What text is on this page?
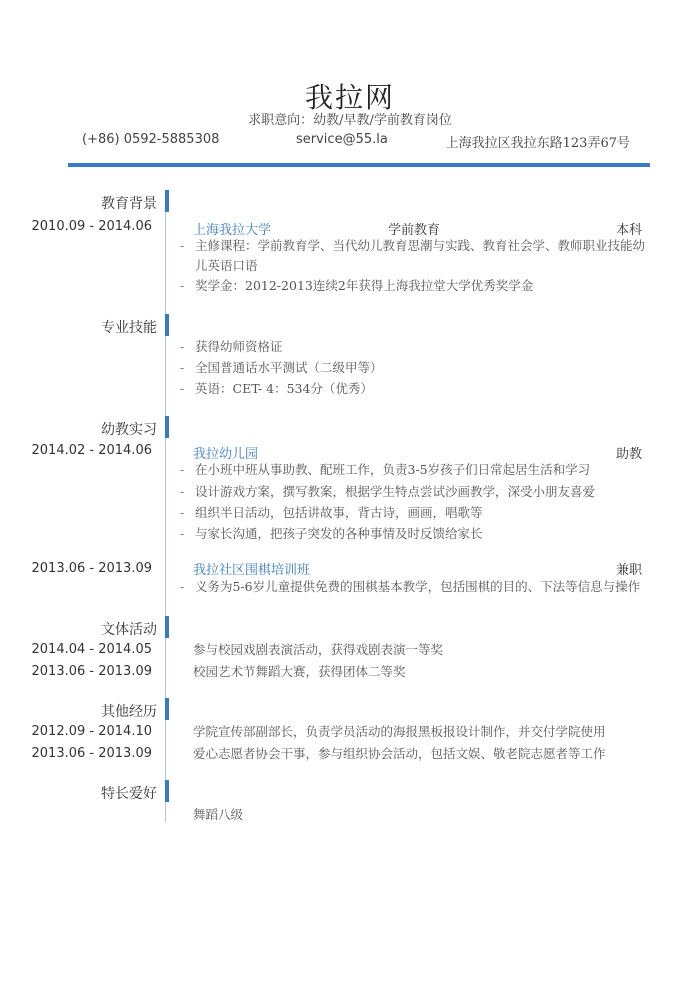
我拉网
求职意向：幼教/早教/学前教育岗位
(+86) 0592-5885308	service@55.la	上海我拉区我拉东路123弄67号
教育背景
2010.09 - 2014.06	上海我拉大学	学前教育	本科
- 主修课程：学前教育学、当代幼儿教育思潮与实践、教育社会学、教师职业技能幼儿英语口语
- 奖学金：2012-2013连续2年获得上海我拉堂大学优秀奖学金
专业技能
- 获得幼师资格证
- 全国普通话水平测试（二级甲等）
- 英语：CET- 4：534分（优秀）
幼教实习
2014.02 - 2014.06	我拉幼儿园	助教
- 在小班中班从事助教、配班工作，负责3-5岁孩子们日常起居生活和学习
- 设计游戏方案，撰写教案，根据学生特点尝试沙画教学，深受小朋友喜爱
- 组织半日活动，包括讲故事，背古诗，画画，唱歌等
- 与家长沟通，把孩子突发的各种事情及时反馈给家长
2013.06 - 2013.09	我拉社区围棋培训班	兼职
- 义务为5-6岁儿童提供免费的围棋基本教学，包括围棋的目的、下法等信息与操作
文体活动
2014.04 - 2014.05	参与校园戏剧表演活动，获得戏剧表演一等奖
2013.06 - 2013.09	校园艺术节舞蹈大赛，获得团体二等奖
其他经历
2012.09 - 2014.10	学院宣传部副部长，负责学员活动的海报黑板报设计制作，并交付学院使用
2013.06 - 2013.09	爱心志愿者协会干事，参与组织协会活动，包括文娱、敬老院志愿者等工作
特长爱好
舞蹈八级
